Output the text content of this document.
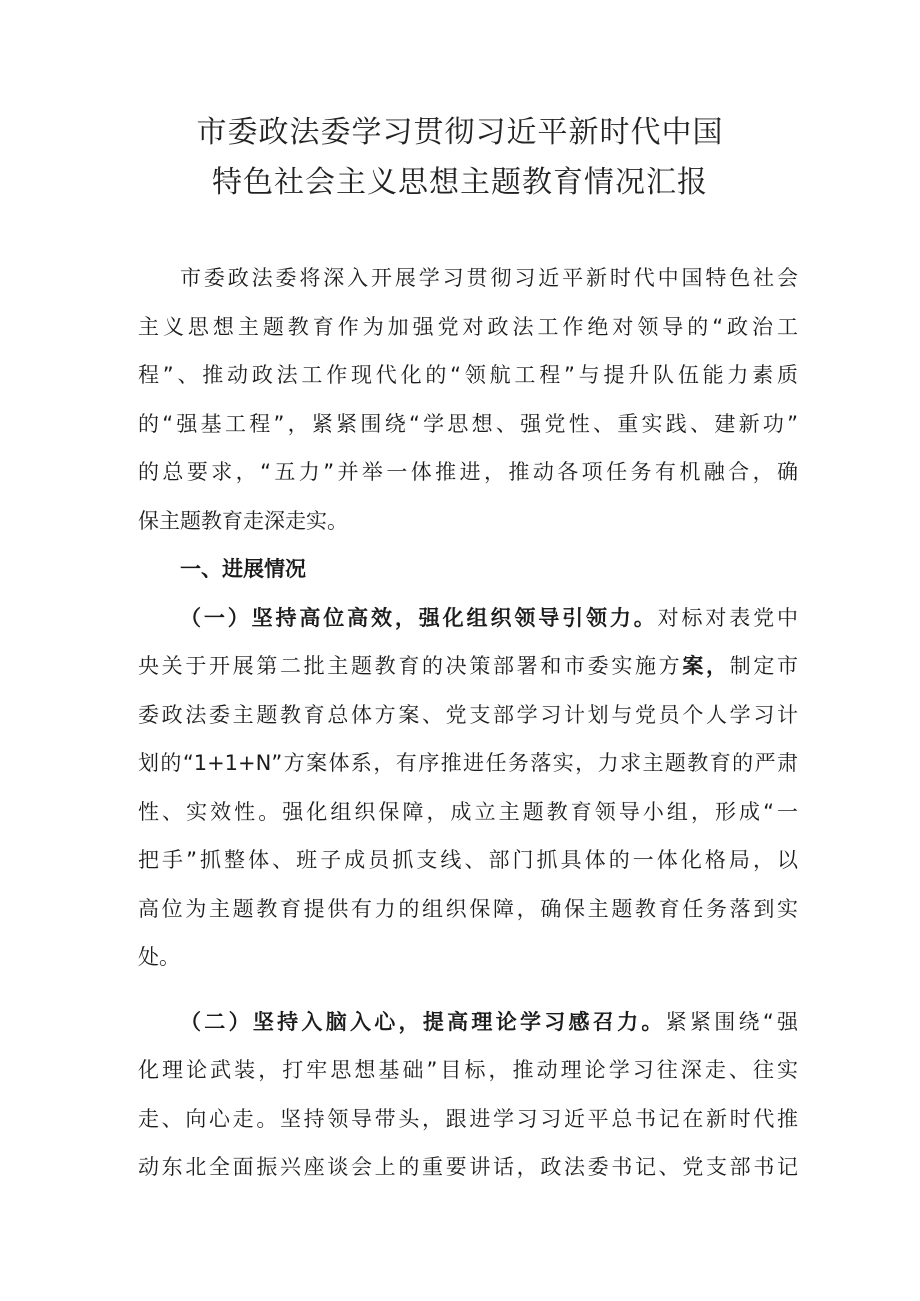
市委政法委学习贯彻习近平新时代中国
特色社会主义思想主题教育情况汇报
市委政法委将深入开展学习贯彻习近平新时代中国特色社会
主义思想主题教育作为加强党对政法工作绝对领导的“政治工
程”、推动政法工作现代化的“领航工程”与提升队伍能力素质
的“强基工程”，紧紧围绕“学思想、强党性、重实践、建新功”
的总要求，“五力”并举一体推进，推动各项任务有机融合，确
保主题教育走深走实。
一、进展情况
（一）坚持高位高效，强化组织领导引领力。对标对表党中
央关于开展第二批主题教育的决策部署和市委实施方案，制定市
委政法委主题教育总体方案、党支部学习计划与党员个人学习计
划的“1+1+N”方案体系，有序推进任务落实，力求主题教育的严肃
性、实效性。强化组织保障，成立主题教育领导小组，形成“一
把手”抓整体、班子成员抓支线、部门抓具体的一体化格局，以
高位为主题教育提供有力的组织保障，确保主题教育任务落到实
处。
（二）坚持入脑入心，提高理论学习感召力。紧紧围绕“强
化理论武装，打牢思想基础”目标，推动理论学习往深走、往实
走、向心走。坚持领导带头，跟进学习习近平总书记在新时代推
动东北全面振兴座谈会上的重要讲话，政法委书记、党支部书记
